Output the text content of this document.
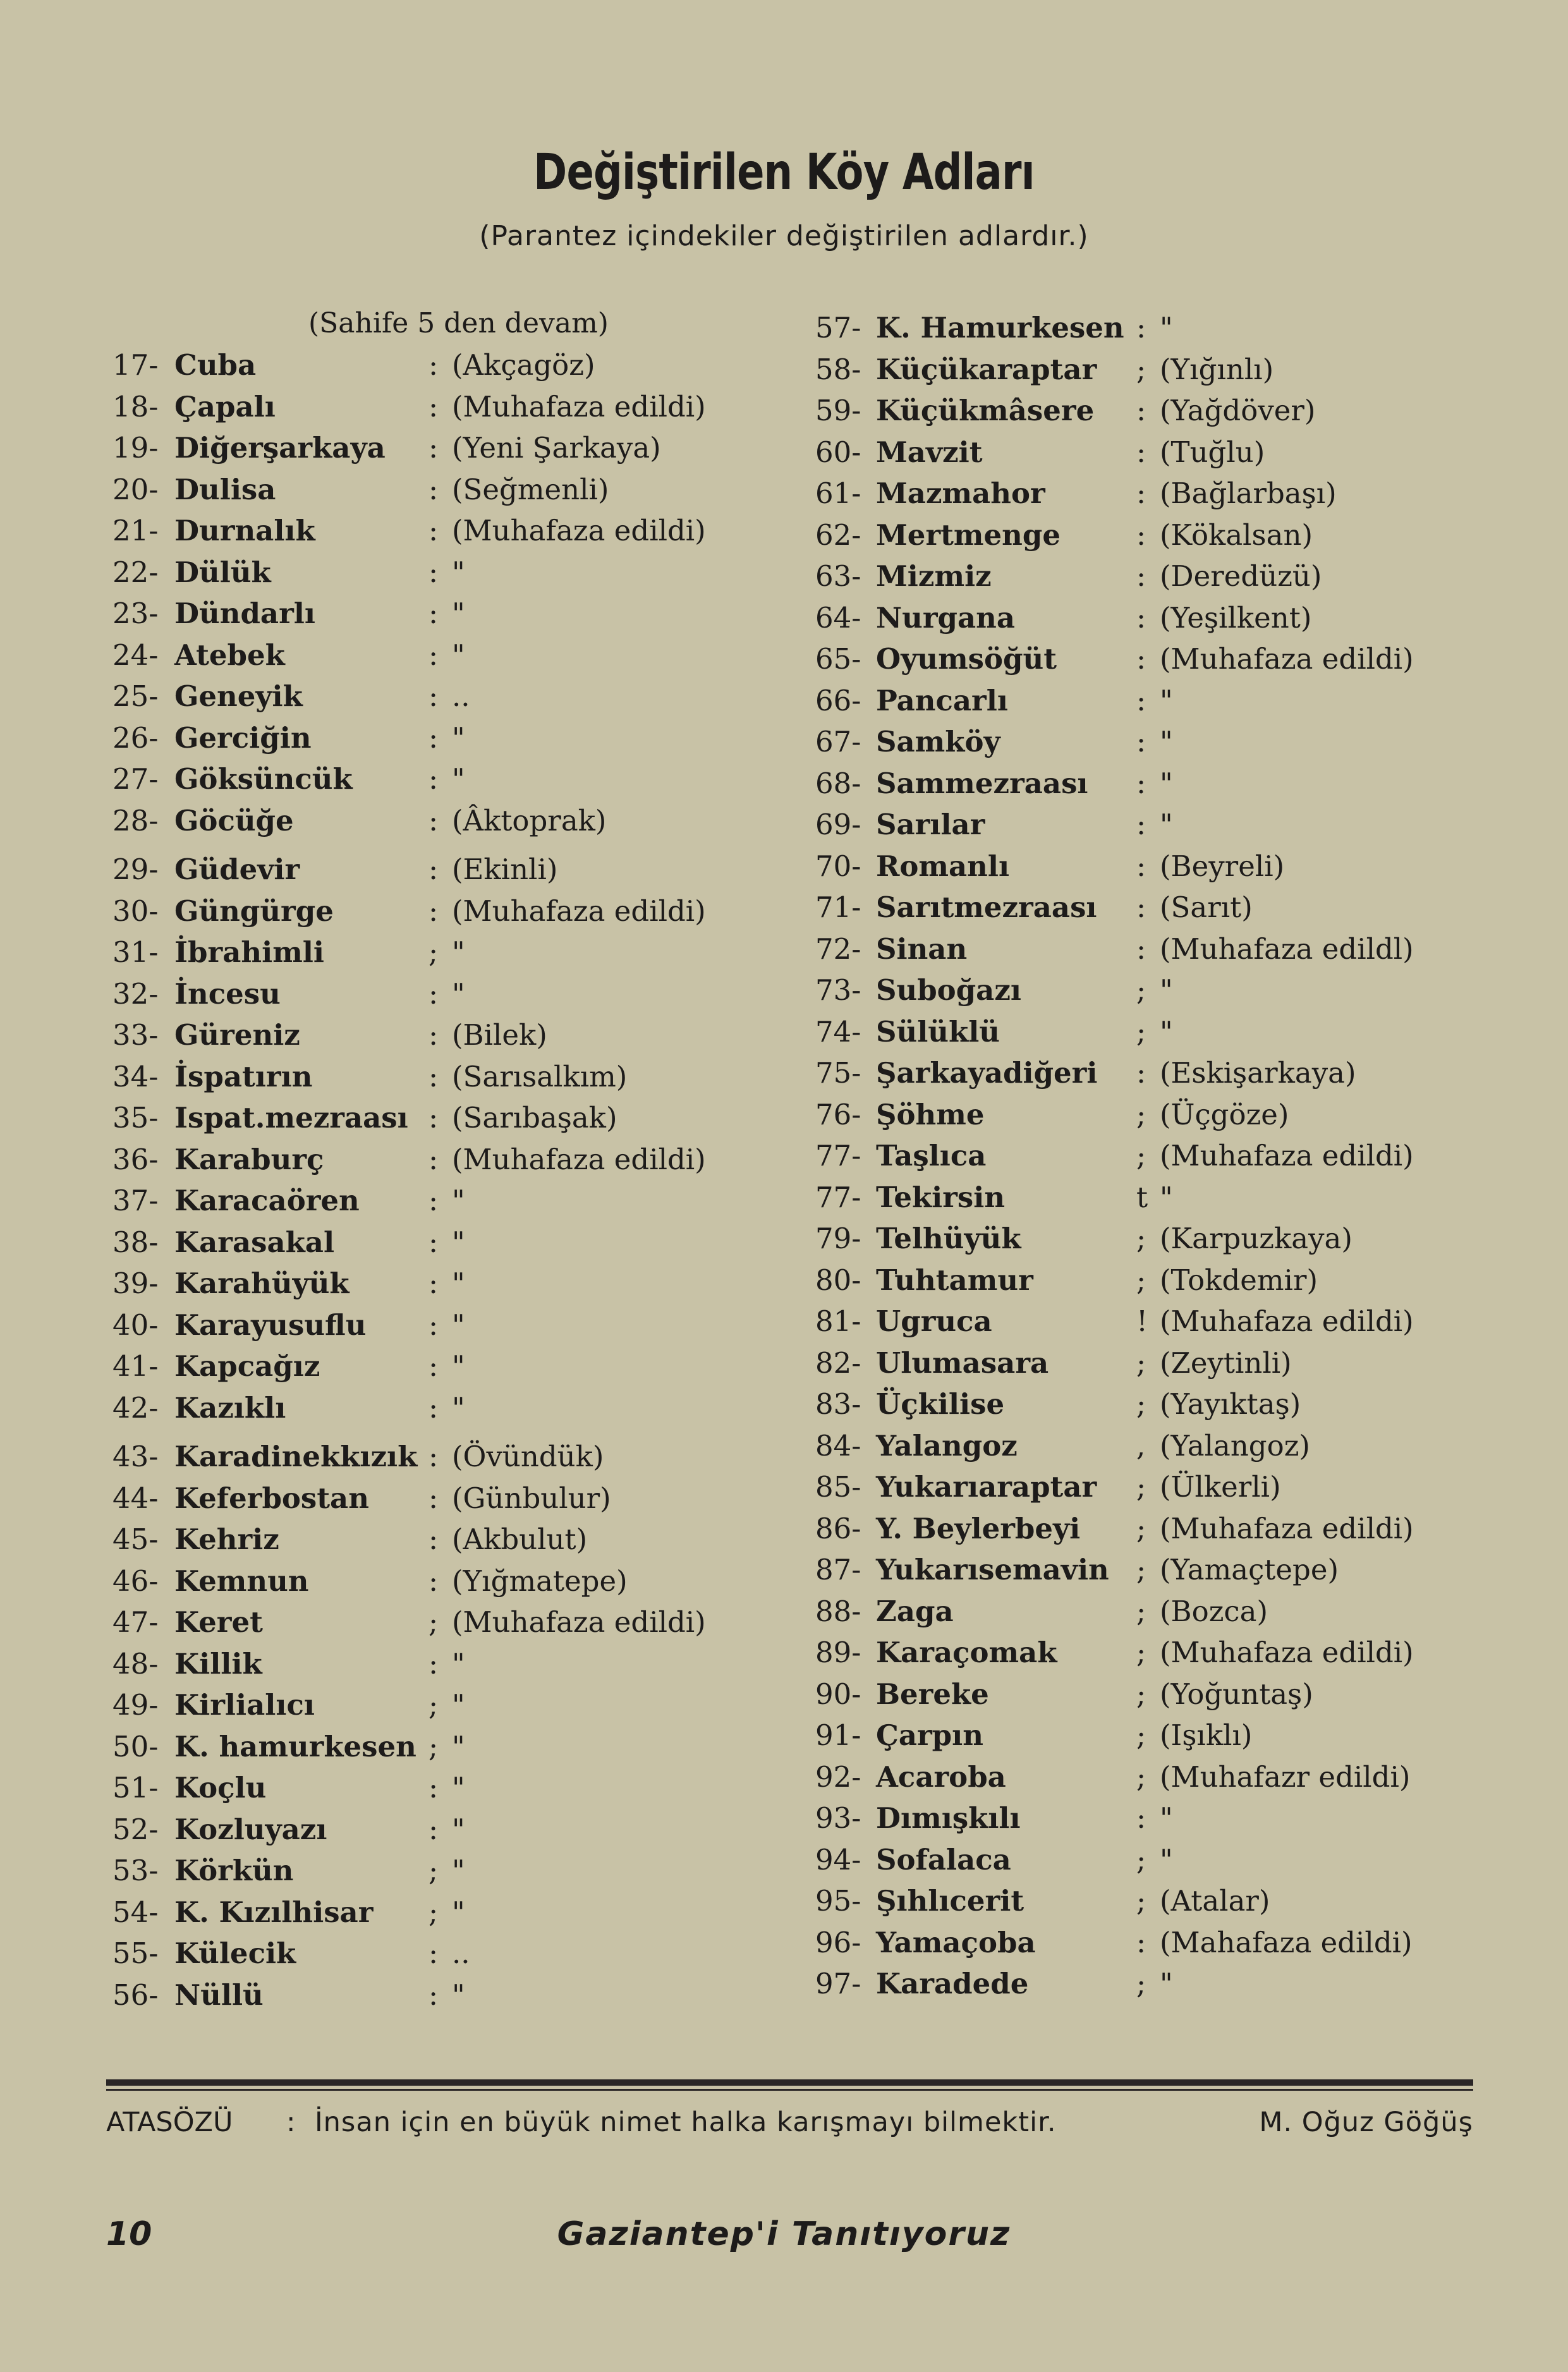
Değiştirilen Köy Adları
(Parantez içindekiler değiştirilen adlardır.)
(Sahife 5 den devam)
17- Cuba	: (Akçagöz)
18- Çapalı	: (Muhafaza edildi)
19- Diğerşarkaya : (Yeni Şarkaya)
20- Dulisa	: (Seğmenli)
21- Durnalık	: (Muhafaza edildi)
22- Dülük	: "
23- Dündarlı	: "
24- Atebek	: "
25- Geneyik	: ..
26- Gerciğin	: "
27- Göksüncük	: "
28- Göcüğe	: (Âktoprak)
29- Güdevir	: (Ekinli)
30- Güngürge	: (Muhafaza edildi)
31- İbrahimli	; "
32- İncesu	: "
33- Güreniz	: (Bilek)
34- İspatırın	: (Sarısalkım)
35- Ispat.mezraası : (Sarıbaşak)
36- Karaburç	: (Muhafaza edildi)
37- Karacaören : "
38- Karasakal	: "
39- Karahüyük	: "
40- Karayusuflu : "
41- Kapcağız	: "
42- Kazıklı	: "
43- Karadinekkızık : (Övündük)
44- Keferbostan : (Günbulur)
45- Kehriz	: (Akbulut)
46- Kemnun	: (Yığmatepe)
47- Keret	; (Muhafaza edildi)
48- Killik	: "
49- Kirlialıcı	; "
50- K. hamurkesen ; "
51- Koçlu	: "
52- Kozluyazı	: "
53- Körkün	; "
54- K. Kızılhisar ; "
55- Külecik	: ..
56- Nüllü	: "
57- K. Hamurkesen : "
58- Küçükaraptar ; (Yığınlı)
59- Küçükmâsere : (Yağdöver)
60- Mavzit	: (Tuğlu)
61- Mazmahor	: (Bağlarbaşı)
62- Mertmenge	: (Kökalsan)
63- Mizmiz	: (Deredüzü)
64- Nurgana	: (Yeşilkent)
65- Oyumsöğüt	: (Muhafaza edildi)
66- Pancarlı	: "
67- Samköy	: "
68- Sammezraası : "
69- Sarılar	: "
70- Romanlı	: (Beyreli)
71- Sarıtmezraası : (Sarıt)
72- Sinan	: (Muhafaza edildl)
73- Suboğazı	; "
74- Sülüklü	; "
75- Şarkayadiğeri : (Eskişarkaya)
76- Şöhme	; (Üçgöze)
77- Taşlıca	; (Muhafaza edildi)
77- Tekirsin	t "
79- Telhüyük	; (Karpuzkaya)
80- Tuhtamur	; (Tokdemir)
81- Ugruca	! (Muhafaza edildi)
82- Ulumasara	; (Zeytinli)
83- Üçkilise	; (Yayıktaş)
84- Yalangoz	, (Yalangoz)
85- Yukarıaraptar ; (Ülkerli)
86- Y. Beylerbeyi ; (Muhafaza edildi)
87- Yukarısemavin ; (Yamaçtepe)
88- Zaga	; (Bozca)
89- Karaçomak	; (Muhafaza edildi)
90- Bereke	; (Yoğuntaş)
91- Çarpın	; (Işıklı)
92- Acaroba	; (Muhafazr edildi)
93- Dımışkılı	: "
94- Sofalaca	; "
95- Şıhlıcerit	; (Atalar)
96- Yamaçoba	: (Mahafaza edildi)
97- Karadede	; "
ATASÖZÜ : İnsan için en büyük nimet halka karışmayı bilmektir.	M. Oğuz Göğüş
10	Gaziantep'i Tanıtıyoruz
